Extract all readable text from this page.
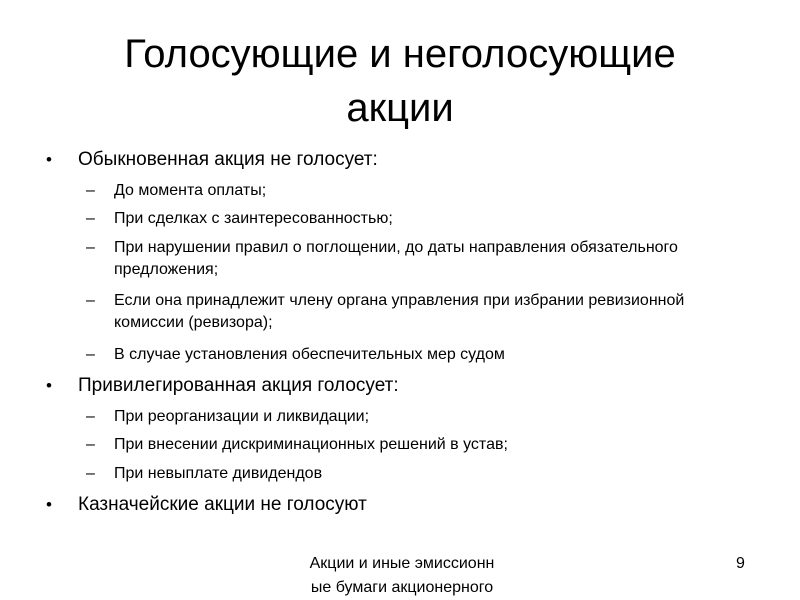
Голосующие и неголосующие
акции
• Обыкновенная акция не голосует:
– До момента оплаты;
– При сделках с заинтересованностью;
– При нарушении правил о поглощении, до даты направления обязательного предложения;
– Если она принадлежит члену органа управления при избрании ревизионной комиссии (ревизора);
– В случае установления обеспечительных мер судом
• Привилегированная акция голосует:
– При реорганизации и ликвидации;
– При внесении дискриминационных решений в устав;
– При невыплате дивидендов
• Казначейские акции не голосуют
Акции и иные эмиссионн
ые бумаги акционерного
9
